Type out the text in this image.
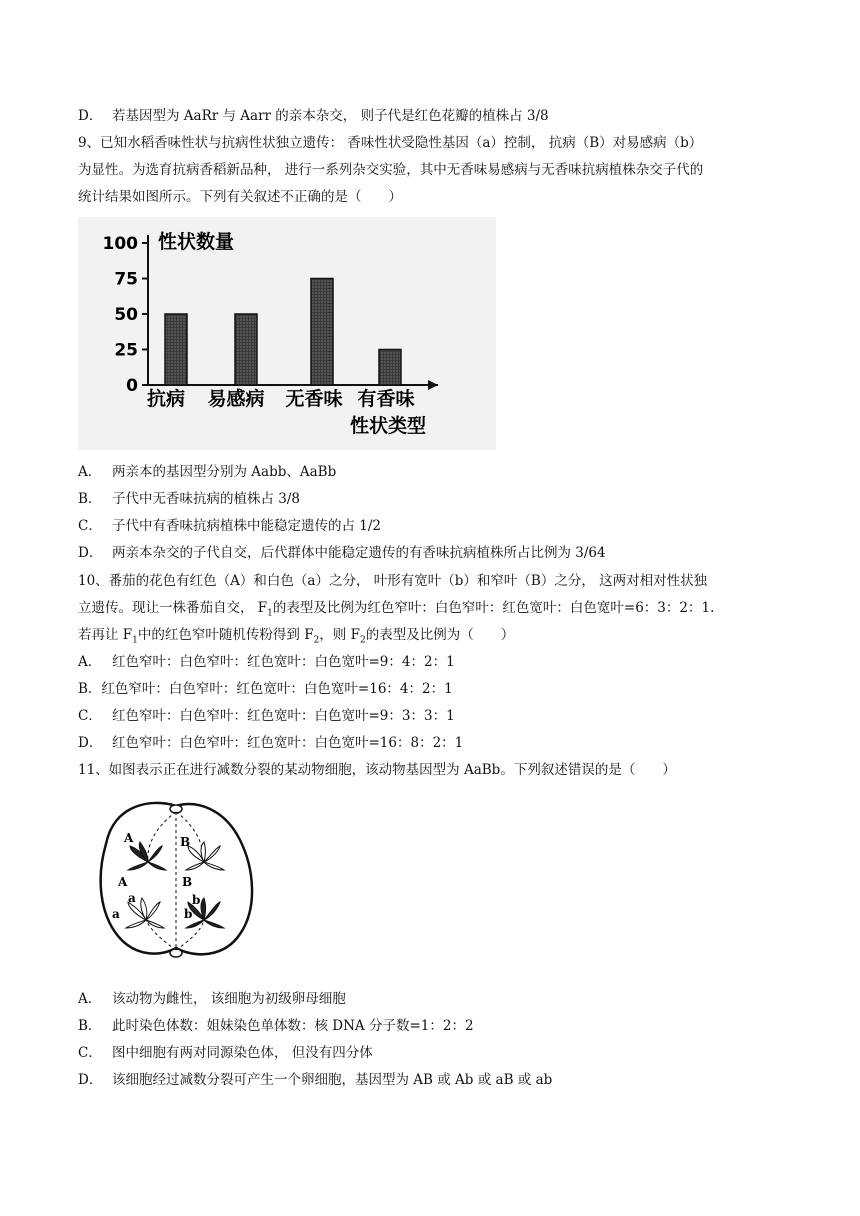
D． 若基因型为 AaRr 与 Aarr 的亲本杂交， 则子代是红色花瓣的植株占 3/8
9、已知水稻香味性状与抗病性状独立遗传： 香味性状受隐性基因（a）控制， 抗病（B）对易感病（b）
为显性。为选育抗病香稻新品种， 进行一系列杂交实验，其中无香味易感病与无香味抗病植株杂交子代的
统计结果如图所示。下列有关叙述不正确的是（　　）
性状数量
性状类型
100
75
50
25
0
抗病 易感病 无香味 有香味
A． 两亲本的基因型分别为 Aabb、AaBb
B． 子代中无香味抗病的植株占 3/8
C． 子代中有香味抗病植株中能稳定遗传的占 1/2
D． 两亲本杂交的子代自交，后代群体中能稳定遗传的有香味抗病植株所占比例为 3/64
10、番茄的花色有红色（A）和白色（a）之分， 叶形有宽叶（b）和窄叶（B）之分， 这两对相对性状独
立遗传。现让一株番茄自交， $F_1$的表型及比例为红色窄叶：白色窄叶：红色宽叶：白色宽叶=6：3：2：1.
若再让 $F_1$中的红色窄叶随机传粉得到 $F_2$，则 $F_2$的表型及比例为（　　）
A． 红色窄叶：白色窄叶：红色宽叶：白色宽叶=9：4：2：1
B．红色窄叶：白色窄叶：红色宽叶：白色宽叶=16：4：2：1
C． 红色窄叶：白色窄叶：红色宽叶：白色宽叶=9：3：3：1
D． 红色窄叶：白色窄叶：红色宽叶：白色宽叶=16：8：2：1
11、如图表示正在进行减数分裂的某动物细胞，该动物基因型为 AaBb。下列叙述错误的是（　　）
A
A
a
a
B
B
b
b
A． 该动物为雌性， 该细胞为初级卵母细胞
B． 此时染色体数：姐妹染色单体数：核 DNA 分子数=1：2：2
C． 图中细胞有两对同源染色体， 但没有四分体
D． 该细胞经过减数分裂可产生一个卵细胞，基因型为 AB 或 Ab 或 aB 或 ab
